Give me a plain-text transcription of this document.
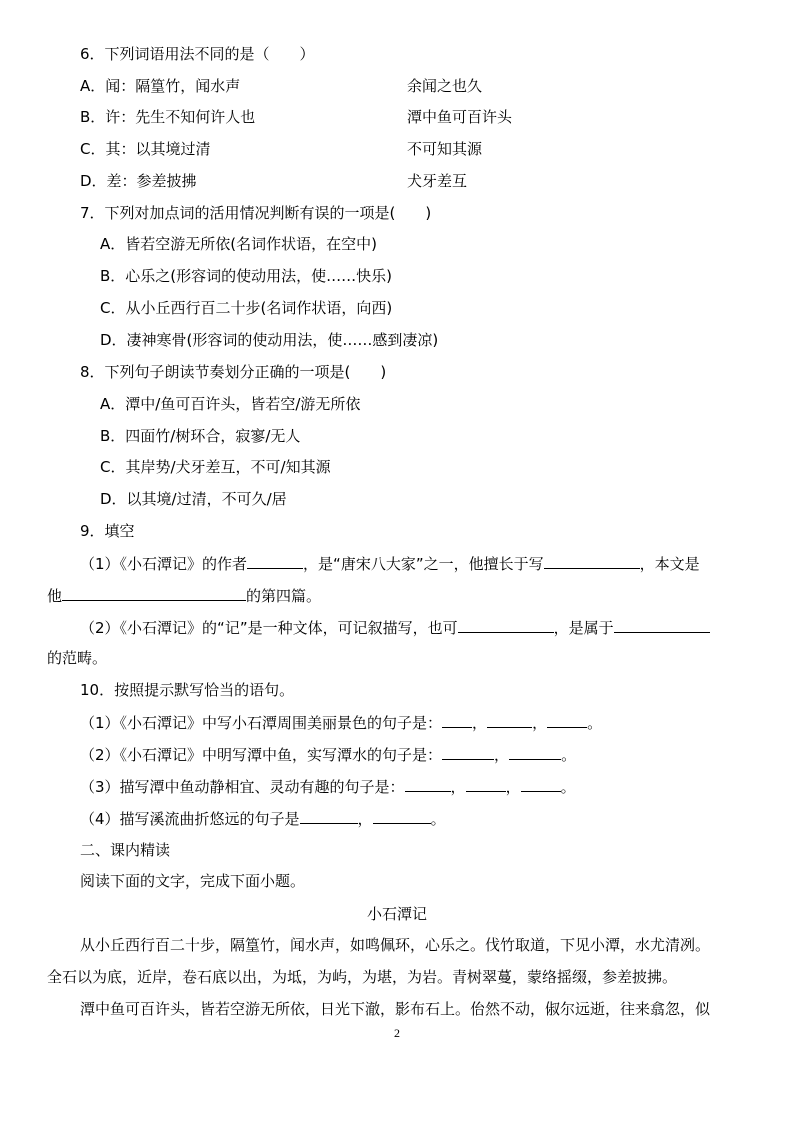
6．下列词语用法不同的是（　　）
A．闻：隔篁竹，闻水声	余闻之也久
B．许：先生不知何许人也	潭中鱼可百许头
C．其：以其境过清	不可知其源
D．差：参差披拂	犬牙差互
7．下列对加点词的活用情况判断有误的一项是(　　)
A．皆若空游无所依(名词作状语，在空中)
B．心乐之(形容词的使动用法，使……快乐)
C．从小丘西行百二十步(名词作状语，向西)
D．凄神寒骨(形容词的使动用法，使……感到凄凉)
8．下列句子朗读节奏划分正确的一项是(　　)
A．潭中/鱼可百许头，皆若空/游无所依
B．四面竹/树环合，寂寥/无人
C．其岸势/犬牙差互，不可/知其源
D．以其境/过清，不可久/居
9．填空
（1）《小石潭记》的作者	，是“唐宋八大家”之一，他擅长于写	，本文是
他	的第四篇。
（2）《小石潭记》的“记”是一种文体，可记叙描写，也可	，是属于
的范畴。
10．按照提示默写恰当的语句。
（1）《小石潭记》中写小石潭周围美丽景色的句子是： ，	，	。
（2）《小石潭记》中明写潭中鱼，实写潭水的句子是：	，	。
（3）描写潭中鱼动静相宜、灵动有趣的句子是：	，	，	。
（4）描写溪流曲折悠远的句子是	，	。
二、课内精读
阅读下面的文字，完成下面小题。
小石潭记
从小丘西行百二十步，隔篁竹，闻水声，如鸣佩环，心乐之。伐竹取道，下见小潭，水尤清冽。
全石以为底，近岸，卷石底以出，为坻，为屿，为堪，为岩。青树翠蔓，蒙络摇缀，参差披拂。
潭中鱼可百许头，皆若空游无所依，日光下澈，影布石上。佁然不动，俶尔远逝，往来翕忽，似
2
